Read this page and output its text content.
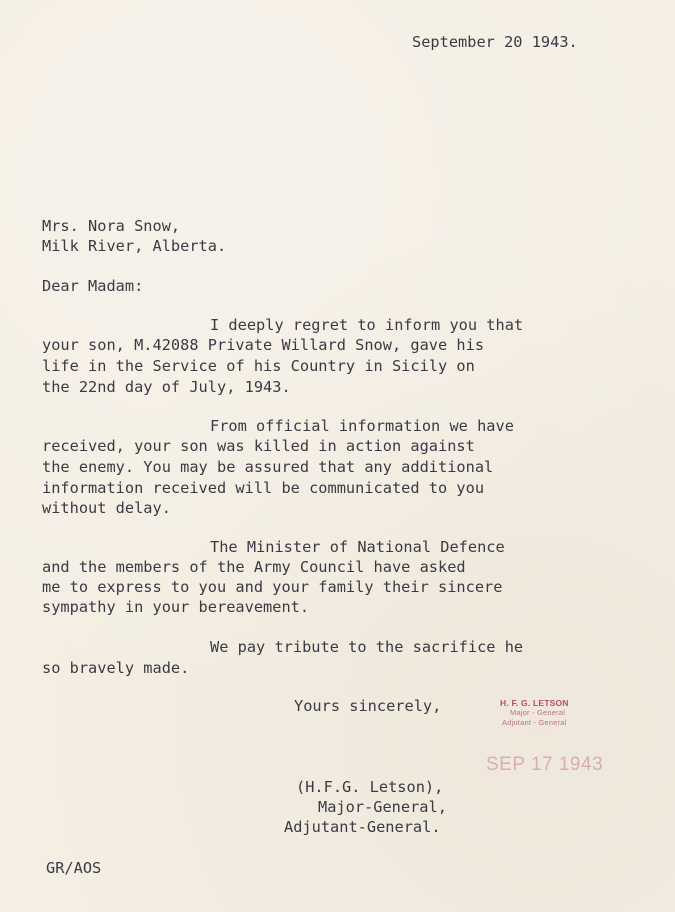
September 20 1943.
Mrs. Nora Snow,
Milk River, Alberta.
Dear Madam:
I deeply regret to inform you that
your son, M.42088 Private Willard Snow, gave his
life in the Service of his Country in Sicily on
the 22nd day of July, 1943.
From official information we have
received, your son was killed in action against
the enemy. You may be assured that any additional
information received will be communicated to you
without delay.
The Minister of National Defence
and the members of the Army Council have asked
me to express to you and your family their sincere
sympathy in your bereavement.
We pay tribute to the sacrifice he
so bravely made.
Yours sincerely,	H. F. G. LETSON
Major - General
Adjutant - General
SEP 17 1943
(H.F.G. Letson),
Major-General,
Adjutant-General.
GR/AOS
